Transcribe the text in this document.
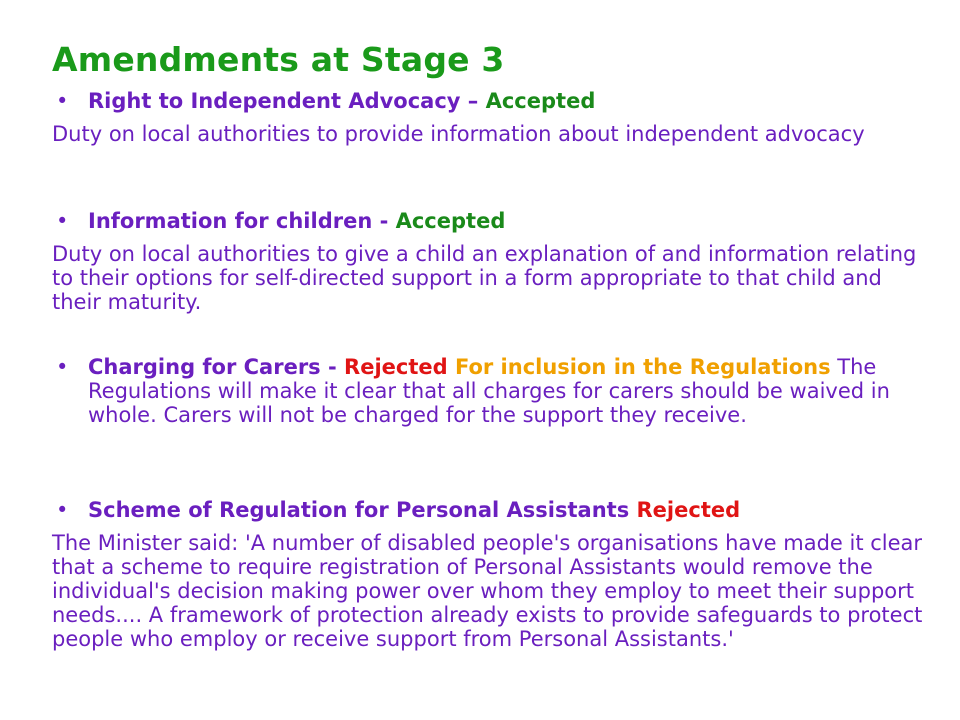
Amendments at Stage 3
• Right to Independent Advocacy – Accepted

Duty on local authorities to provide information about independent advocacy

• Information for children - Accepted

Duty on local authorities to give a child an explanation of and information relating to their options for self-directed support in a form appropriate to that child and their maturity.

• Charging for Carers - Rejected For inclusion in the Regulations The Regulations will make it clear that all charges for carers should be waived in whole. Carers will not be charged for the support they receive.
• Scheme of Regulation for Personal Assistants Rejected

The Minister said: 'A number of disabled people's organisations have made it clear that a scheme to require registration of Personal Assistants would remove the individual's decision making power over whom they employ to meet their support needs.... A framework of protection already exists to provide safeguards to protect people who employ or receive support from Personal Assistants.'
